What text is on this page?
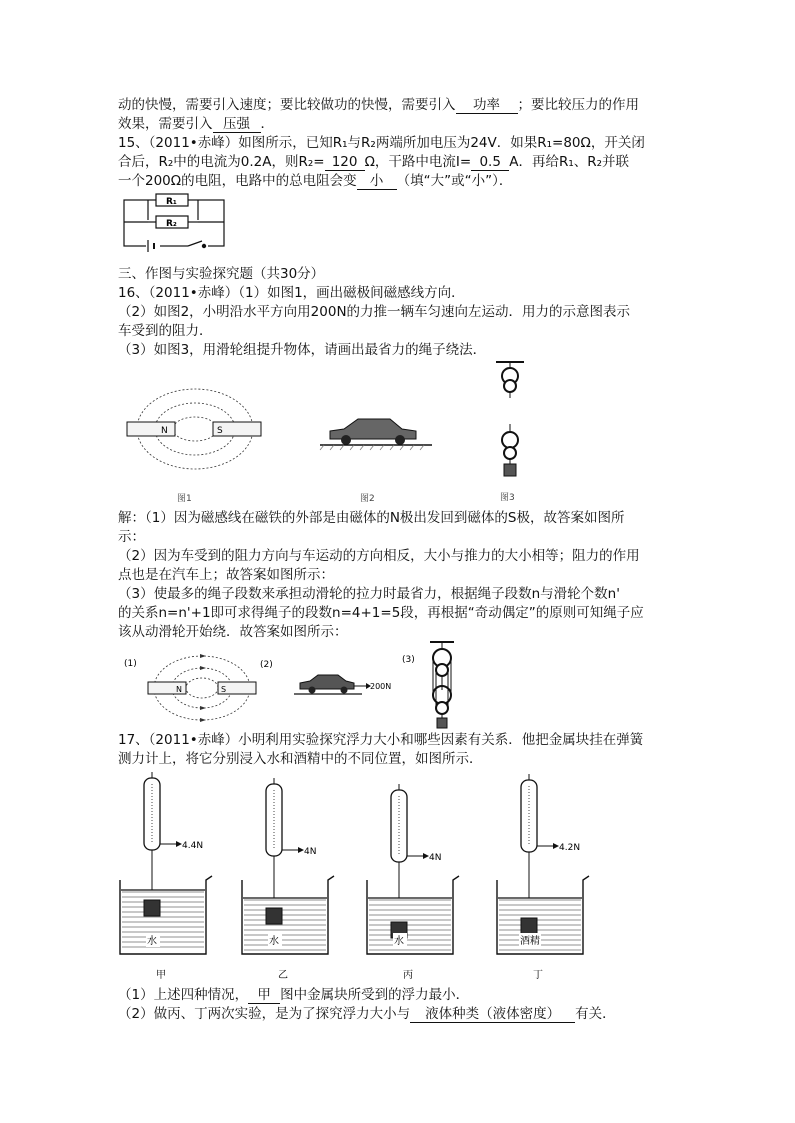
动的快慢，需要引入速度；要比较做功的快慢，需要引入 功率 ；要比较压力的作用
效果，需要引入 压强 ．
15、（2011•赤峰）如图所示，已知R₁与R₂两端所加电压为24V．如果R₁=80Ω，开关闭
合后，R₂中的电流为0.2A，则R₂= 120 Ω，干路中电流I= 0.5 A．再给R₁、R₂并联
一个200Ω的电阻，电路中的总电阻会变 小 （填“大”或“小”）．
R₁
R₂
三、作图与实验探究题（共30分）
16、（2011•赤峰）（1）如图1，画出磁极间磁感线方向．
（2）如图2，小明沿水平方向用200N的力推一辆车匀速向左运动．用力的示意图表示
车受到的阻力．
（3）如图3，用滑轮组提升物体，请画出最省力的绳子绕法．
N	S
图1	图2	图3
解：（1）因为磁感线在磁铁的外部是由磁体的N极出发回到磁体的S极，故答案如图所
示：
（2）因为车受到的阻力方向与车运动的方向相反，大小与推力的大小相等；阻力的作用
点也是在汽车上；故答案如图所示：
（3）使最多的绳子段数来承担动滑轮的拉力时最省力，根据绳子段数n与滑轮个数n'
的关系n=n'+1即可求得绳子的段数n=4+1=5段，再根据“奇动偶定”的原则可知绳子应
该从动滑轮开始绕．故答案如图所示：
(1)
N	S
(2)
200N
(3)
17、（2011•赤峰）小明利用实验探究浮力大小和哪些因素有关系．他把金属块挂在弹簧
测力计上，将它分别浸入水和酒精中的不同位置，如图所示．
4.4N
水
甲
4N
水
乙
4N
水
丙
4.2N
酒精
丁
（1）上述四种情况， 甲 图中金属块所受到的浮力最小．
（2）做丙、丁两次实验，是为了探究浮力大小与 液体种类（液体密度） 有关．
